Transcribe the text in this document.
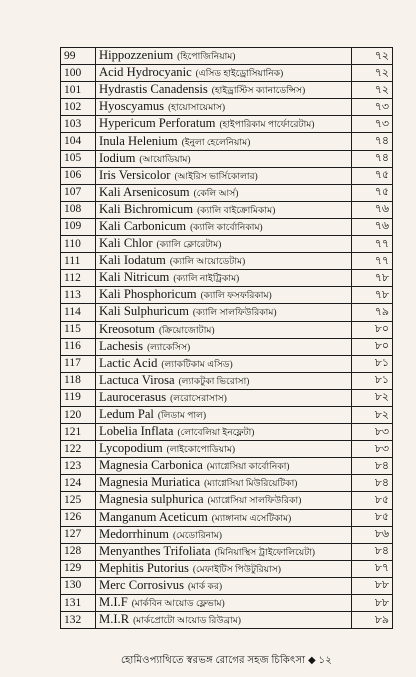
99	Hippozzenium (হিপোজিনিয়াম)	৭২
100	Acid Hydrocyanic (এসিড হাইড্রোসিয়ানিক)	৭২
101	Hydrastis Canadensis (হাইড্রাস্টিস ক্যানাডেন্সিস)	৭২
102	Hyoscyamus (হায়োসায়েমাস)	৭৩
103	Hypericum Perforatum (হাইপারিকাম পার্ফোরেটাম)	৭৩
104	Inula Helenium (ইনুলা হেলেনিয়াম)	৭৪
105	Iodium (আয়োডিয়াম)	৭৪
106	Iris Versicolor (আইরিস ভার্সিকোলার)	৭৫
107	Kali Arsenicosum (কেলি আর্স)	৭৫
108	Kali Bichromicum (ক্যালি বাইক্রোমিকাম)	৭৬
109	Kali Carbonicum (ক্যালি কার্বোনিকাম)	৭৬
110	Kali Chlor (ক্যালি ক্লোরেটাম)	৭৭
111	Kali Iodatum (ক্যালি আয়োডেটাম)	৭৭
112	Kali Nitricum (ক্যালি নাইট্রিকাম)	৭৮
113	Kali Phosphoricum (ক্যালি ফসফরিকাম)	৭৮
114	Kali Sulphuricum (ক্যালি সালফিউরিকাম)	৭৯
115	Kreosotum (ক্রিয়োজোটাম)	৮০
116	Lachesis (ল্যাকেসিস)	৮০
117	Lactic Acid (ল্যাকটিকাম এসিড)	৮১
118	Lactuca Virosa (ল্যাকটুকা ভিরোসা)	৮১
119	Laurocerasus (লরোসেরাসাস)	৮২
120	Ledum Pal (লিডাম পাল)	৮২
121	Lobelia Inflata (লোবেলিয়া ইনফ্লেটা)	৮৩
122	Lycopodium (লাইকোপোডিয়াম)	৮৩
123	Magnesia Carbonica (ম্যাগ্নেসিয়া কার্বোনিকা)	৮৪
124	Magnesia Muriatica (ম্যাগ্নেসিয়া মিউরিয়েটিকা)	৮৪
125	Magnesia sulphurica (ম্যাগ্নেসিয়া সালফিউরিকা)	৮৫
126	Manganum Aceticum (ম্যাঙ্গানাম এসেটিকাম)	৮৫
127	Medorrhinum (মেডোরিনাম)	৮৬
128	Menyanthes Trifoliata (মিনিয়াস্থিস ট্রাইফোলিয়েটা)	৮৪
129	Mephitis Putorius (মেফাইটিস পিউটুরিয়াস)	৮৭
130	Merc Corrosivus (মার্ক কর)	৮৮
131	M.I.F (মার্কবিন আয়োড ফ্লেভাম)	৮৮
132	M.I.R (মার্কপ্রোটো আয়োড রিউব্রাম)	৮৯
হোমিওপ্যাথিতে স্বরভঙ্গ রোগের সহজ চিকিৎসা ◆ ১২
